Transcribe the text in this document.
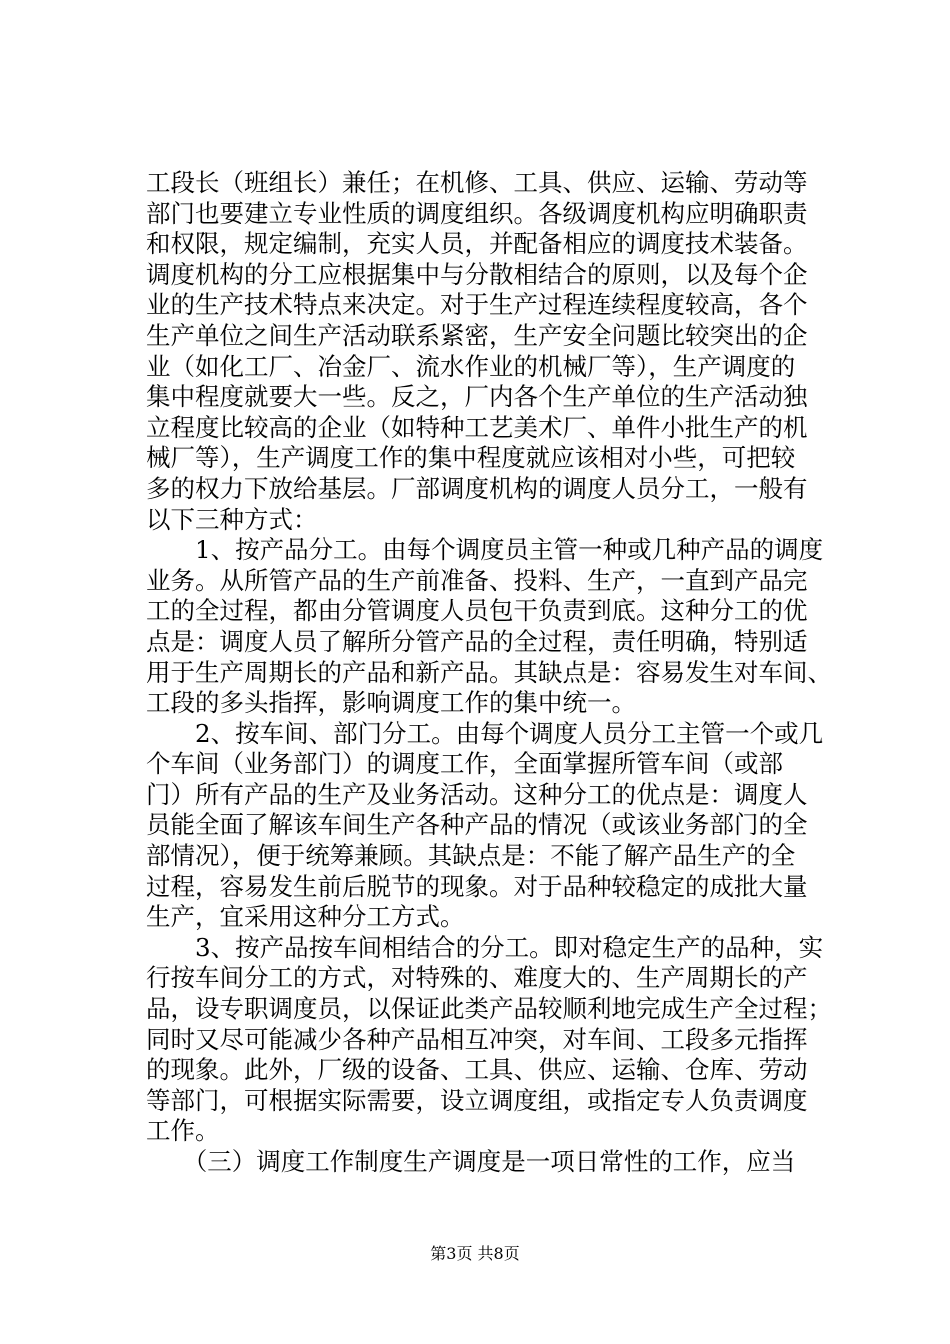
工段长（班组长）兼任；在机修、工具、供应、运输、劳动等
部门也要建立专业性质的调度组织。各级调度机构应明确职责
和权限，规定编制，充实人员，并配备相应的调度技术装备。
调度机构的分工应根据集中与分散相结合的原则，以及每个企
业的生产技术特点来决定。对于生产过程连续程度较高，各个
生产单位之间生产活动联系紧密，生产安全问题比较突出的企
业（如化工厂、冶金厂、流水作业的机械厂等），生产调度的
集中程度就要大一些。反之，厂内各个生产单位的生产活动独
立程度比较高的企业（如特种工艺美术厂、单件小批生产的机
械厂等），生产调度工作的集中程度就应该相对小些，可把较
多的权力下放给基层。厂部调度机构的调度人员分工，一般有
以下三种方式：
　　1、按产品分工。由每个调度员主管一种或几种产品的调度
业务。从所管产品的生产前准备、投料、生产，一直到产品完
工的全过程，都由分管调度人员包干负责到底。这种分工的优
点是：调度人员了解所分管产品的全过程，责任明确，特别适
用于生产周期长的产品和新产品。其缺点是：容易发生对车间、
工段的多头指挥，影响调度工作的集中统一。
　　2、按车间、部门分工。由每个调度人员分工主管一个或几
个车间（业务部门）的调度工作，全面掌握所管车间（或部
门）所有产品的生产及业务活动。这种分工的优点是：调度人
员能全面了解该车间生产各种产品的情况（或该业务部门的全
部情况），便于统筹兼顾。其缺点是：不能了解产品生产的全
过程，容易发生前后脱节的现象。对于品种较稳定的成批大量
生产，宜采用这种分工方式。
　　3、按产品按车间相结合的分工。即对稳定生产的品种，实
行按车间分工的方式，对特殊的、难度大的、生产周期长的产
品，设专职调度员，以保证此类产品较顺利地完成生产全过程；
同时又尽可能减少各种产品相互冲突，对车间、工段多元指挥
的现象。此外，厂级的设备、工具、供应、运输、仓库、劳动
等部门，可根据实际需要，设立调度组，或指定专人负责调度
工作。
　　（三）调度工作制度生产调度是一项日常性的工作，应当
第3页 共8页
